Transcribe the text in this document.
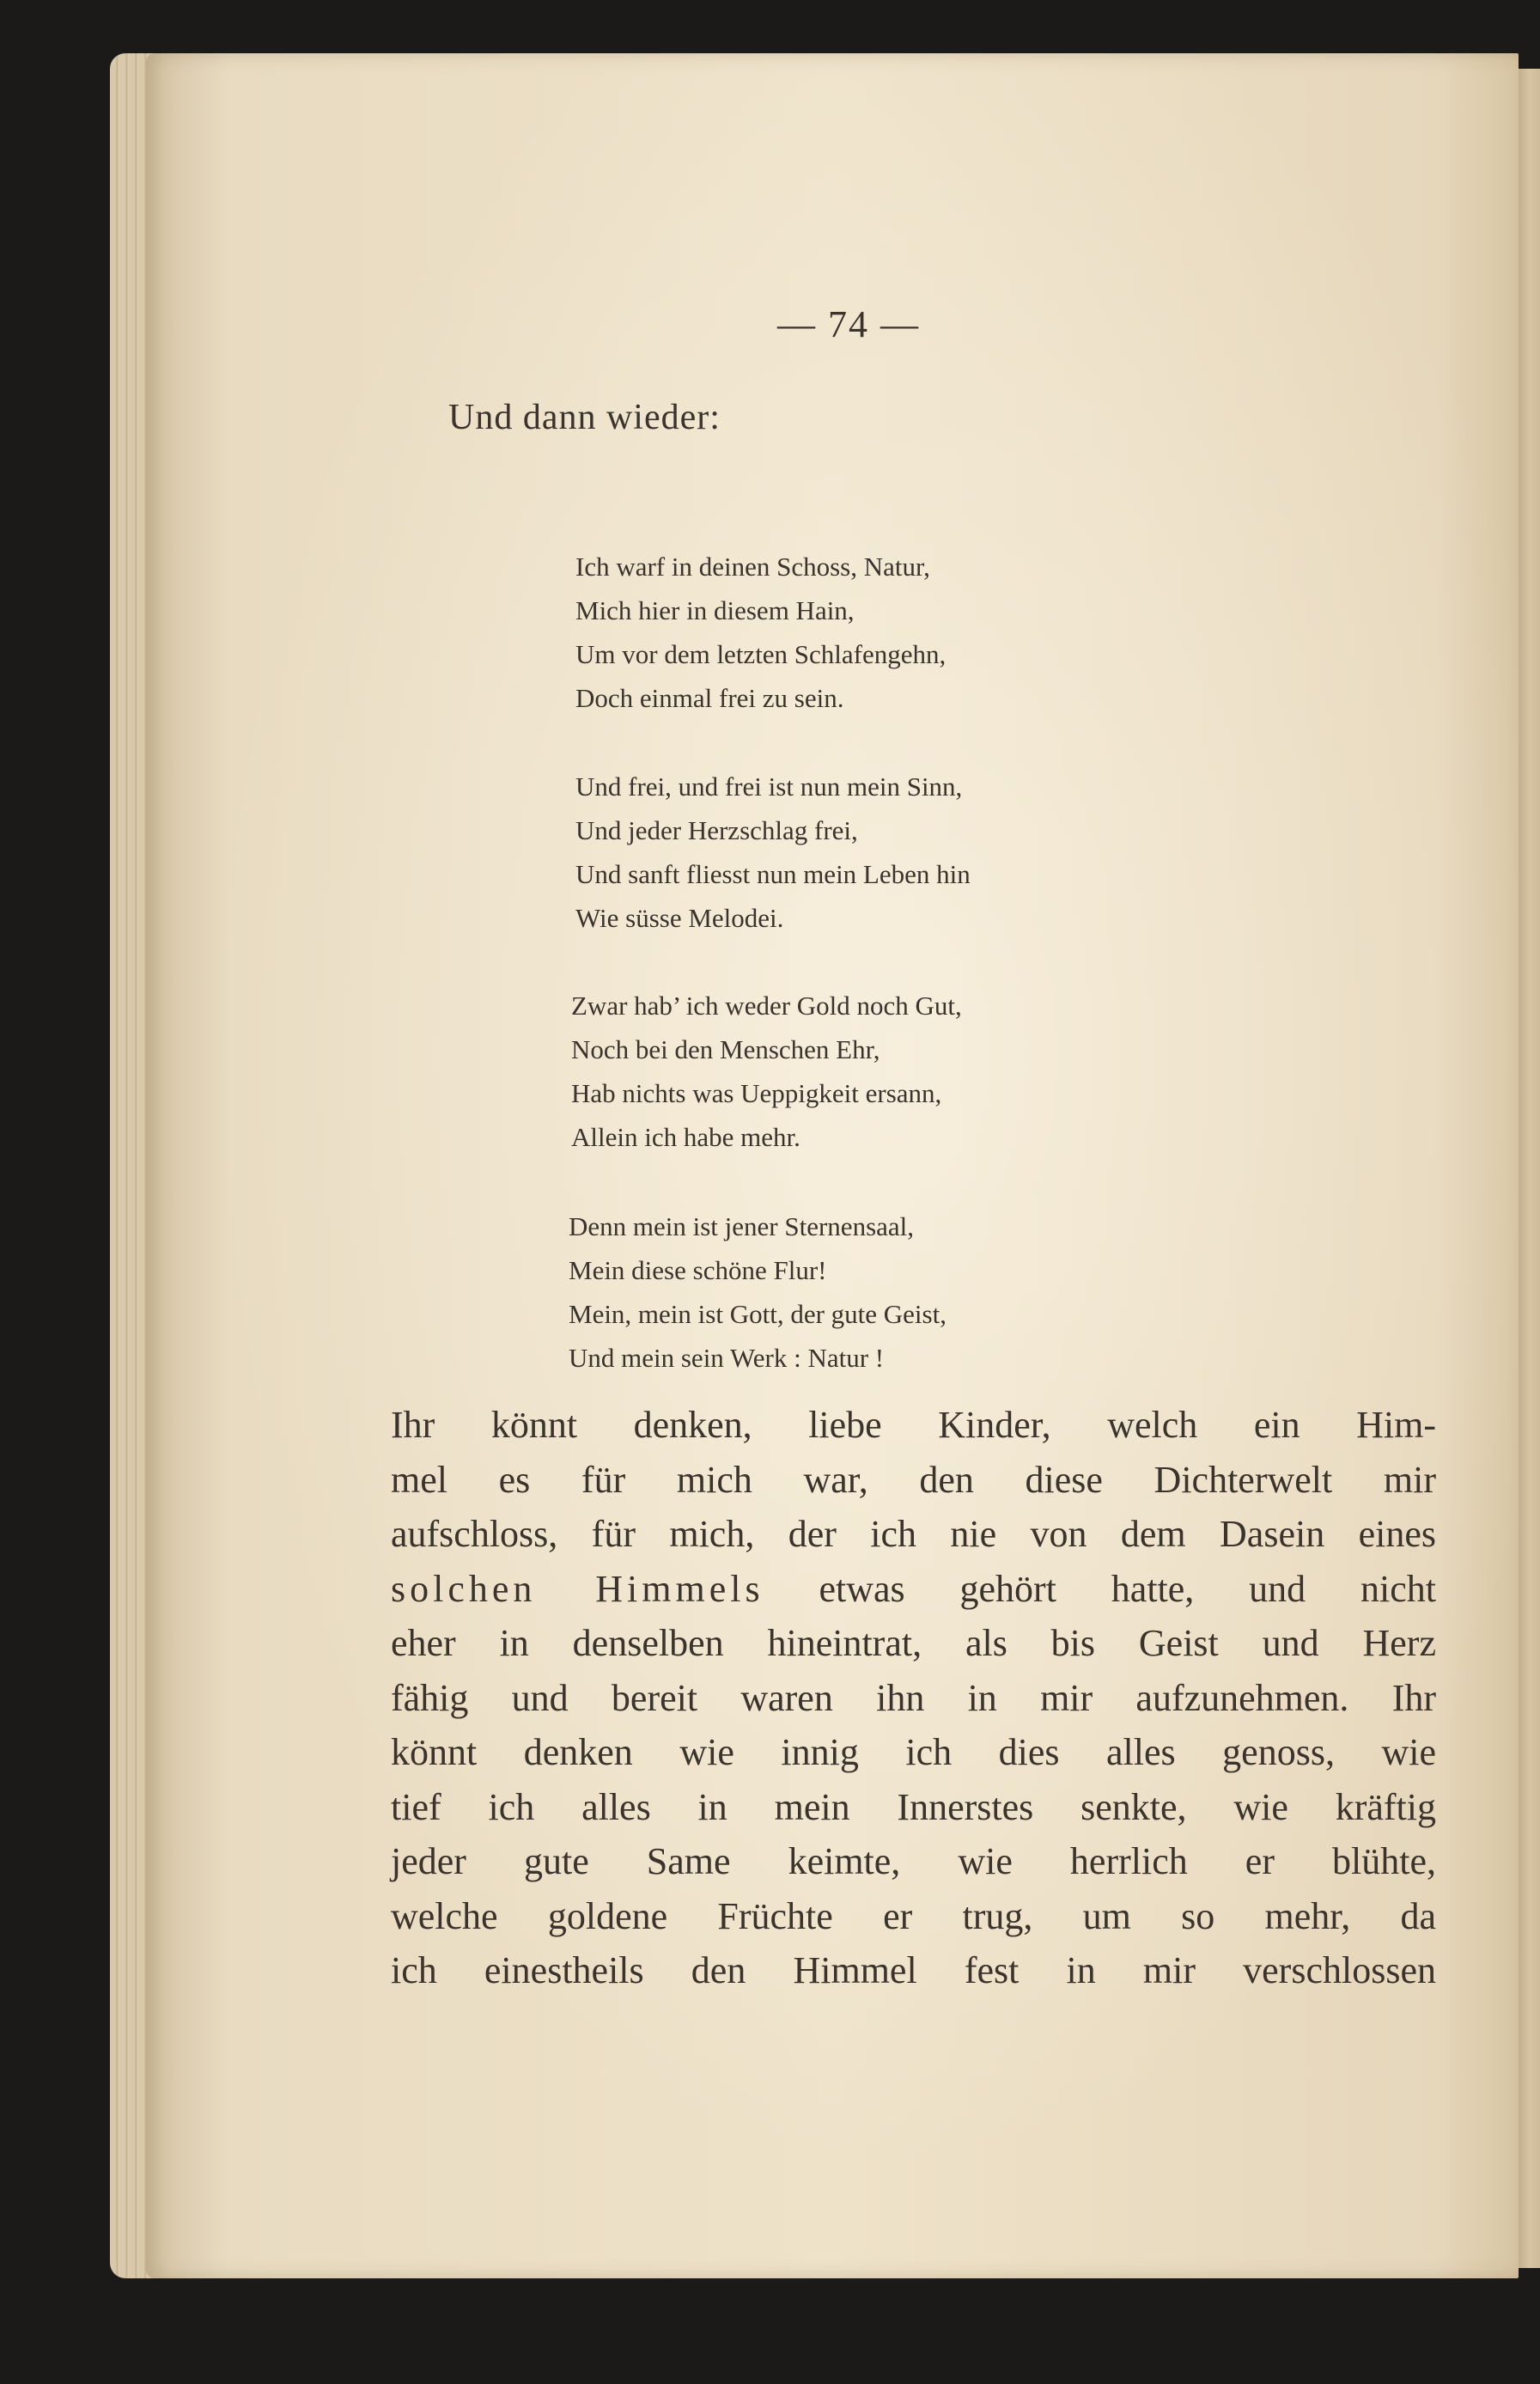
— 74 —
Und dann wieder:
Ich warf in deinen Schoss, Natur,
Mich hier in diesem Hain,
Um vor dem letzten Schlafengehn,
Doch einmal frei zu sein.
Und frei, und frei ist nun mein Sinn,
Und jeder Herzschlag frei,
Und sanft fliesst nun mein Leben hin
Wie süsse Melodei.
Zwar hab’ ich weder Gold noch Gut,
Noch bei den Menschen Ehr,
Hab nichts was Ueppigkeit ersann,
Allein ich habe mehr.
Denn mein ist jener Sternensaal,
Mein diese schöne Flur!
Mein, mein ist Gott, der gute Geist,
Und mein sein Werk : Natur !
Ihr könnt denken, liebe Kinder, welch ein Him-
mel es für mich war, den diese Dichterwelt mir
aufschloss, für mich, der ich nie von dem Dasein eines
solchen Himmels etwas gehört hatte, und nicht
eher in denselben hineintrat, als bis Geist und Herz
fähig und bereit waren ihn in mir aufzunehmen. Ihr
könnt denken wie innig ich dies alles genoss, wie
tief ich alles in mein Innerstes senkte, wie kräftig
jeder gute Same keimte, wie herrlich er blühte,
welche goldene Früchte er trug, um so mehr, da
ich einestheils den Himmel fest in mir verschlossen
